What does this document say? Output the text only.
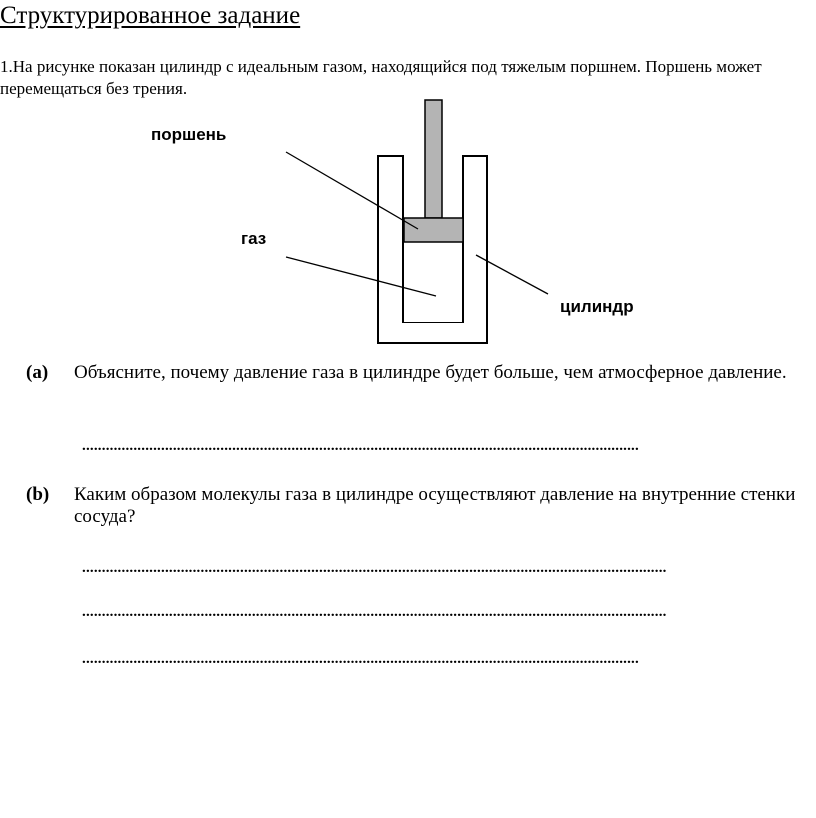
Структурированное задание
1.На рисунке показан цилиндр с идеальным газом, находящийся под тяжелым поршнем. Поршень может перемещаться без трения.
поршень
газ
цилиндр
(a) Объясните, почему давление газа в цилиндре будет больше, чем атмосферное давление.
.............................................................................................................................................
(b) Каким образом молекулы газа в цилиндре осуществляют давление на внутренние стенки сосуда?
....................................................................................................................................................
....................................................................................................................................................
.............................................................................................................................................
